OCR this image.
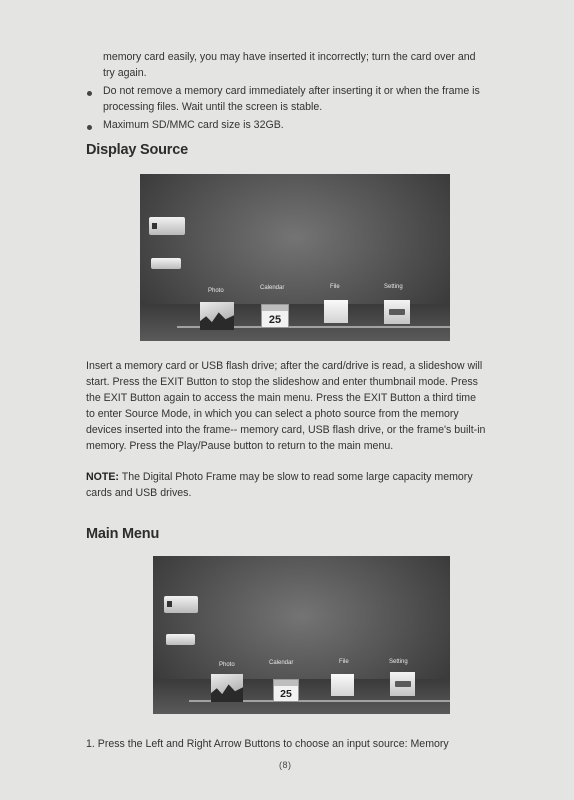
memory card easily, you may have inserted it incorrectly; turn the card over and
try again.
Do not remove a memory card immediately after inserting it or when the frame is
processing files. Wait until the screen is stable.
Maximum SD/MMC card size is 32GB.
Display Source
Photo	Calendar	File	Setting
25
Insert a memory card or USB flash drive; after the card/drive is read, a slideshow will
start. Press the EXIT Button to stop the slideshow and enter thumbnail mode. Press
the EXIT Button again to access the main menu. Press the EXIT Button a third time
to enter Source Mode, in which you can select a photo source from the memory
devices inserted into the frame-- memory card, USB flash drive, or the frame's built-in
memory. Press the Play/Pause button to return to the main menu.
NOTE: The Digital Photo Frame may be slow to read some large capacity memory
cards and USB drives.
Main Menu
Photo	Calendar	File	Setting
25
1. Press the Left and Right Arrow Buttons to choose an input source: Memory
(8)
